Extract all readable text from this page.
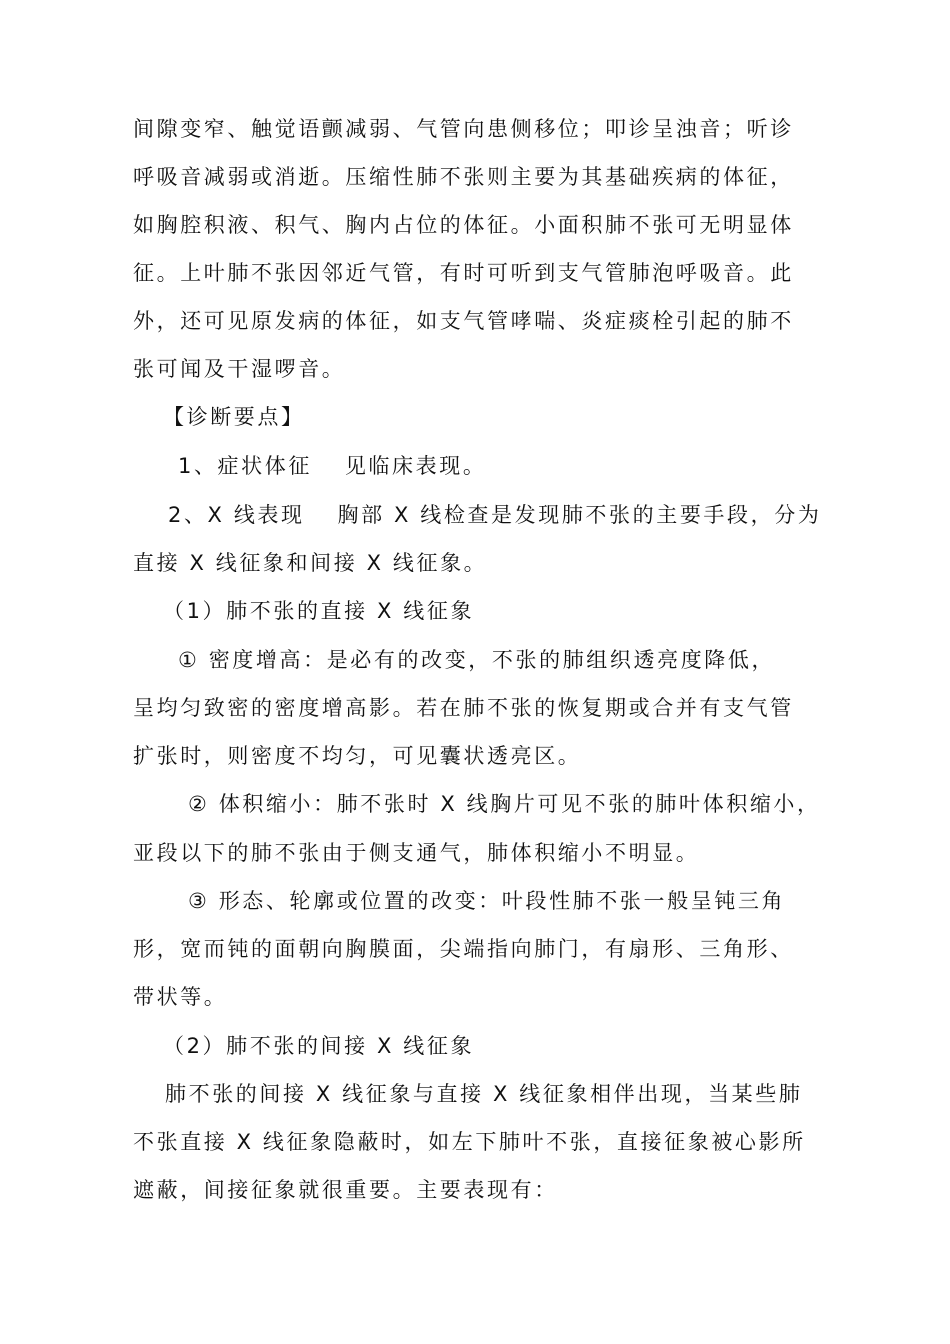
间隙变窄、触觉语颤减弱、气管向患侧移位；叩诊呈浊音；听诊
呼吸音减弱或消逝。压缩性肺不张则主要为其基础疾病的体征，
如胸腔积液、积气、胸内占位的体征。小面积肺不张可无明显体
征。上叶肺不张因邻近气管，有时可听到支气管肺泡呼吸音。此
外，还可见原发病的体征，如支气管哮喘、炎症痰栓引起的肺不
张可闻及干湿啰音。
【诊断要点】
1、症状体征　 见临床表现。
2、X 线表现　 胸部 X 线检查是发现肺不张的主要手段，分为
直接 X 线征象和间接 X 线征象。
（1）肺不张的直接 X 线征象
① 密度增高：是必有的改变，不张的肺组织透亮度降低，
呈均匀致密的密度增高影。若在肺不张的恢复期或合并有支气管
扩张时，则密度不均匀，可见囊状透亮区。
② 体积缩小：肺不张时 X 线胸片可见不张的肺叶体积缩小，
亚段以下的肺不张由于侧支通气，肺体积缩小不明显。
③ 形态、轮廓或位置的改变：叶段性肺不张一般呈钝三角
形，宽而钝的面朝向胸膜面，尖端指向肺门，有扇形、三角形、
带状等。
（2）肺不张的间接 X 线征象
肺不张的间接 X 线征象与直接 X 线征象相伴出现，当某些肺
不张直接 X 线征象隐蔽时，如左下肺叶不张，直接征象被心影所
遮蔽，间接征象就很重要。主要表现有：
